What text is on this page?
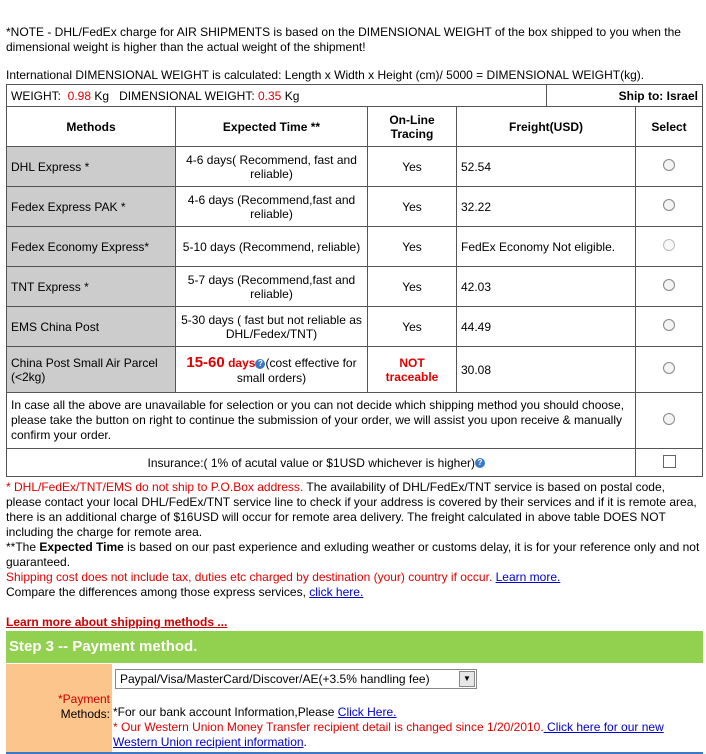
*NOTE - DHL/FedEx charge for AIR SHIPMENTS is based on the DIMENSIONAL WEIGHT of the box shipped to you when the dimensional weight is higher than the actual weight of the shipment!
International DIMENSIONAL WEIGHT is calculated: Length x Width x Height (cm)/ 5000 = DIMENSIONAL WEIGHT(kg).
WEIGHT: 0.98 Kg DIMENSIONAL WEIGHT: 0.35 Kg				Ship to: Israel	
Methods	Expected Time **	On-Line Tracing	Freight(USD)		Select
DHL Express *	4-6 days( Recommend, fast and reliable)	Yes	52.54		
Fedex Express PAK *	4-6 days (Recommend,fast and reliable)	Yes	32.22		
Fedex Economy Express*	5-10 days (Recommend, reliable)	Yes	FedEx Economy Not eligible.		
TNT Express *	5-7 days (Recommend,fast and reliable)	Yes	42.03		
EMS China Post	5-30 days ( fast but not reliable as DHL/Fedex/TNT)	Yes	44.49		
China Post Small Air Parcel (<2kg)	15-60 days ? (cost effective for small orders)	NOT traceable	30.08		
In case all the above are unavailable for selection or you can not decide which shipping method you should choose, please take the button on right to continue the submission of your order, we will assist you upon receive & manually confirm your order.					
Insurance:( 1% of acutal value or $1USD whichever is higher) ?					
* DHL/FedEx/TNT/EMS do not ship to P.O.Box address. The availability of DHL/FedEx/TNT service is based on postal code, please contact your local DHL/FedEx/TNT service line to check if your address is covered by their services and if it is remote area, there is an additional charge of $16USD will occur for remote area delivery. The freight calculated in above table DOES NOT including the charge for remote area.
**The Expected Time is based on our past experience and exluding weather or customs delay, it is for your reference only and not guaranteed.
Shipping cost does not include tax, duties etc charged by destination (your) country if occur. Learn more.
Compare the differences among those express services, click here.
Learn more about shipping methods ...
Step 3 -- Payment method.
*Payment
Methods:
Paypal/Visa/MasterCard/Discover/AE(+3.5% handling fee)	▼
*For our bank account Information,Please Click Here.
* Our Western Union Money Transfer recipient detail is changed since 1/20/2010. Click here for our new Western Union recipient information.
